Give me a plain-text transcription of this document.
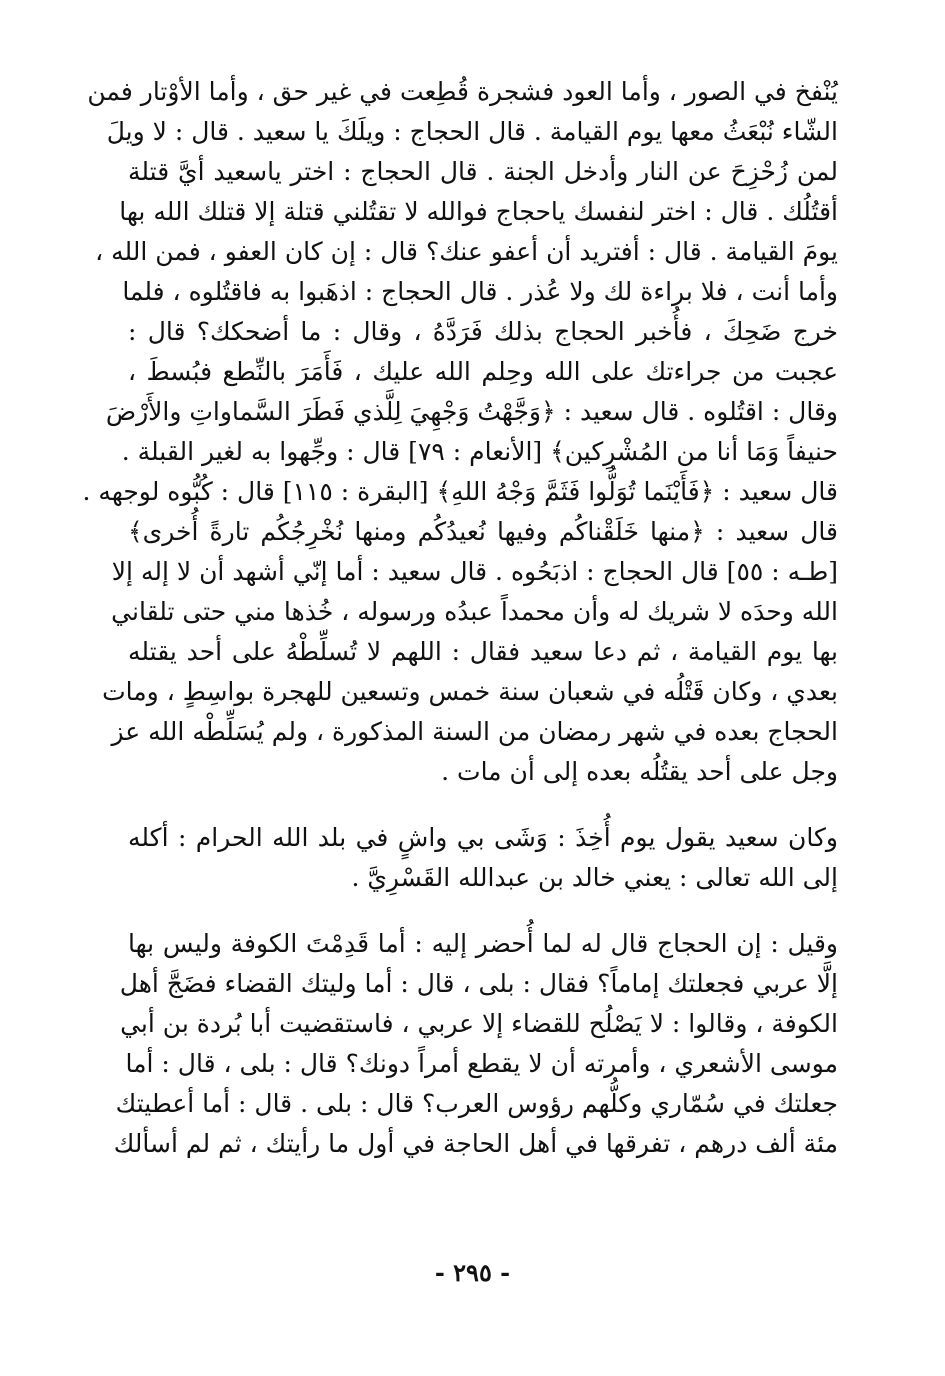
يُنْفخ في الصور ، وأما العود فشجرة قُطِعت في غير حق ، وأما الأوْتار فمن
الشّاء نُبْعَثُ معها يوم القيامة . قال الحجاج : ويلَكَ يا سعيد . قال : لا ويلَ
لمن زُحْزِحَ عن النار وأدخل الجنة . قال الحجاج : اختر ياسعيد أيَّ قتلة
أقتُلُك . قال : اختر لنفسك ياحجاج فوالله لا تقتُلني قتلة إلا قتلك الله بها
يومَ القيامة . قال : أفتريد أن أعفو عنك؟ قال : إن كان العفو ، فمن الله ،
وأما أنت ، فلا براءة لك ولا عُذر . قال الحجاج : اذهَبوا به فاقتُلوه ، فلما
خرج ضَحِكَ ، فأُخبر الحجاج بذلك فَرَدَّهُ ، وقال : ما أضحكك؟ قال :
عجبت من جراءتك على الله وحِلم الله عليك ، فَأَمَرَ بالنِّطع فبُسطَ ،
وقال : اقتُلوه . قال سعيد : ﴿وَجَّهْتُ وَجْهِيَ لِلَّذي فَطَرَ السَّماواتِ والأَرْضَ
حنيفاً وَمَا أنا من المُشْرِكين﴾ [الأنعام : ٧٩] قال : وجِّهوا به لغير القبلة .
قال سعيد : ﴿فَأَيْنَما تُوَلُّوا فَثَمَّ وَجْهُ اللهِ﴾ [البقرة : ١١٥] قال : كُبُّوه لوجهه .
قال سعيد : ﴿منها خَلَقْناكُم وفيها نُعيدُكُم ومنها نُخْرِجُكُم تارةً أُخرى﴾
[طـه : ٥٥] قال الحجاج : اذبَحُوه . قال سعيد : أما إنّي أشهد أن لا إله إلا
الله وحدَه لا شريك له وأن محمداً عبدُه ورسوله ، خُذها مني حتى تلقاني
بها يوم القيامة ، ثم دعا سعيد فقال : اللهم لا تُسلِّطْهُ على أحد يقتله
بعدي ، وكان قَتْلُه في شعبان سنة خمس وتسعين للهجرة بواسِطٍ ، ومات
الحجاج بعده في شهر رمضان من السنة المذكورة ، ولم يُسَلِّطْه الله عز
وجل على أحد يقتُلُه بعده إلى أن مات .
وكان سعيد يقول يوم أُخِذَ : وَشَى بي واشٍ في بلد الله الحرام : أكله
إلى الله تعالى : يعني خالد بن عبدالله القَسْرِيَّ .
وقيل : إن الحجاج قال له لما أُحضر إليه : أما قَدِمْتَ الكوفة وليس بها
إلَّا عربي فجعلتك إماماً؟ فقال : بلى ، قال : أما وليتك القضاء فضَجَّ أهل
الكوفة ، وقالوا : لا يَصْلُح للقضاء إلا عربي ، فاستقضيت أبا بُردة بن أبي
موسى الأشعري ، وأمرته أن لا يقطع أمراً دونك؟ قال : بلى ، قال : أما
جعلتك في سُمّاري وكلُّهم رؤوس العرب؟ قال : بلى . قال : أما أعطيتك
مئة ألف درهم ، تفرقها في أهل الحاجة في أول ما رأيتك ، ثم لم أسألك
- ٢٩٥ -
